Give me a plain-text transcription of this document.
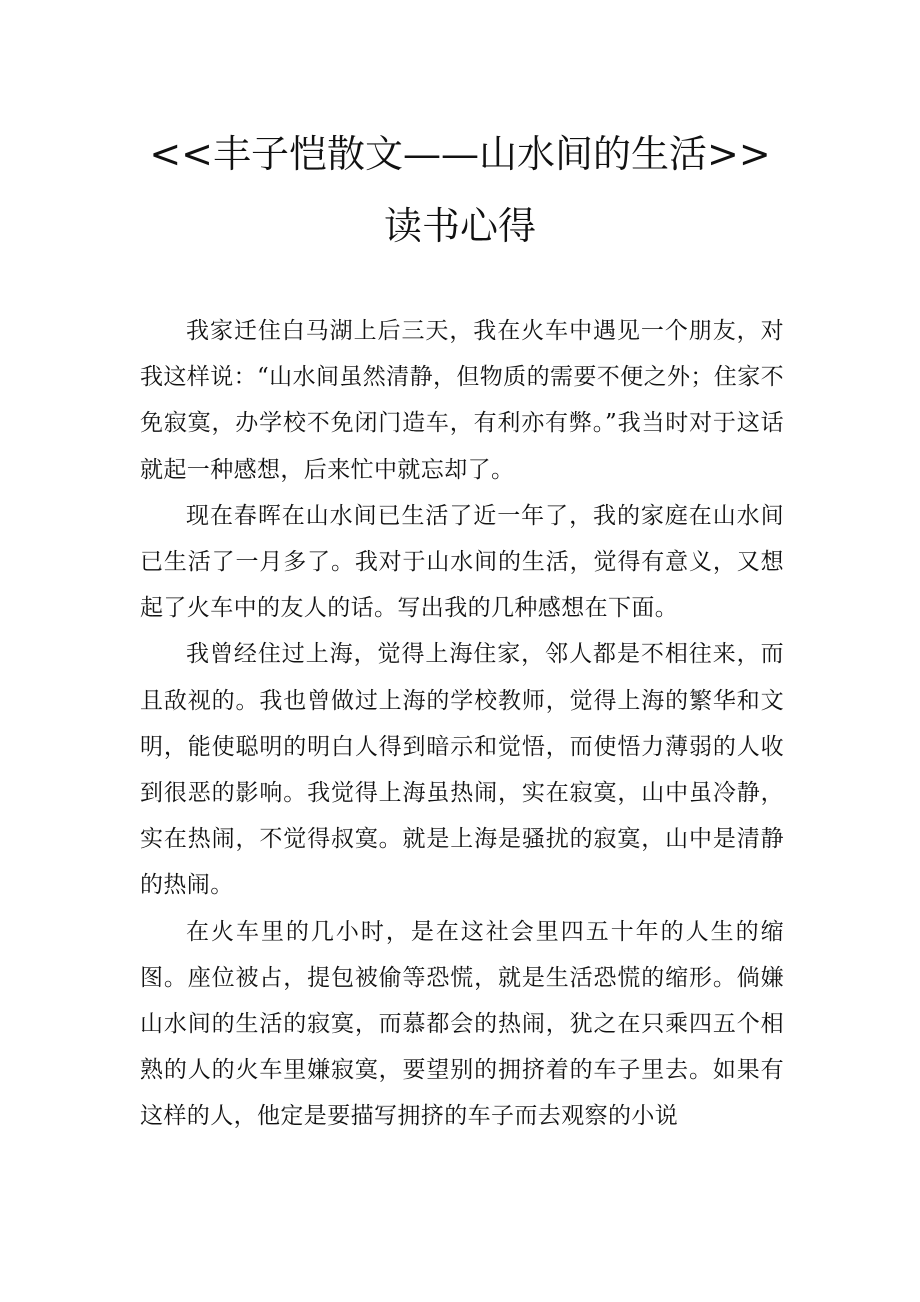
<<丰子恺散文——山水间的生活>>
读书心得

我家迁住白马湖上后三天，我在火车中遇见一个朋友，对我这样说：“山水间虽然清静，但物质的需要不便之外；住家不免寂寞，办学校不免闭门造车，有利亦有弊。”我当时对于这话就起一种感想，后来忙中就忘却了。

现在春晖在山水间已生活了近一年了，我的家庭在山水间已生活了一月多了。我对于山水间的生活，觉得有意义，又想起了火车中的友人的话。写出我的几种感想在下面。

我曾经住过上海，觉得上海住家，邻人都是不相往来，而且敌视的。我也曾做过上海的学校教师，觉得上海的繁华和文明，能使聪明的明白人得到暗示和觉悟，而使悟力薄弱的人收到很恶的影响。我觉得上海虽热闹，实在寂寞，山中虽冷静，实在热闹，不觉得叔寞。就是上海是骚扰的寂寞，山中是清静的热闹。

在火车里的几小时，是在这社会里四五十年的人生的缩图。座位被占，提包被偷等恐慌，就是生活恐慌的缩形。倘嫌山水间的生活的寂寞，而慕都会的热闹，犹之在只乘四五个相熟的人的火车里嫌寂寞，要望别的拥挤着的车子里去。如果有这样的人，他定是要描写拥挤的车子而去观察的小说
